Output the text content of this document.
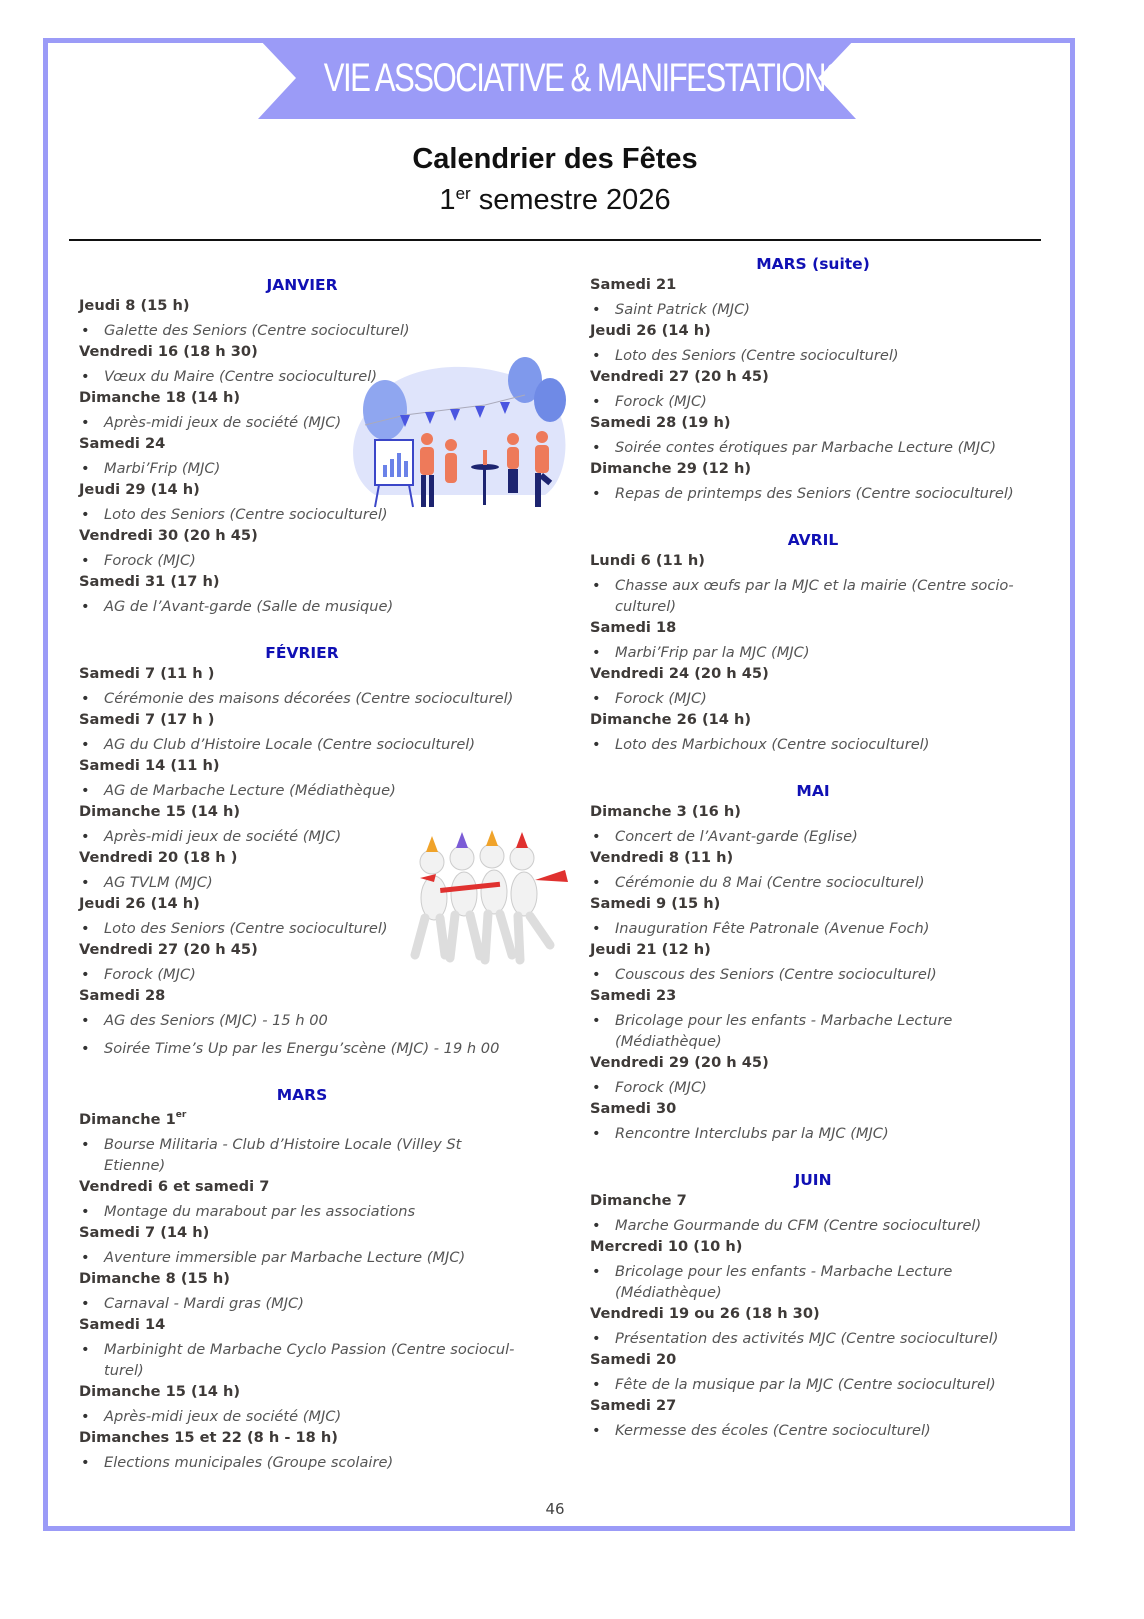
VIE ASSOCIATIVE & MANIFESTATIONS
Calendrier des Fêtes
1er semestre 2026
JANVIER
Jeudi 8 (15 h)
• Galette des Seniors (Centre socioculturel)
Vendredi 16 (18 h 30)
• Vœux du Maire (Centre socioculturel)
Dimanche 18 (14 h)
• Après-midi jeux de société (MJC)
Samedi 24
• Marbi’Frip (MJC)
Jeudi 29 (14 h)
• Loto des Seniors (Centre socioculturel)
Vendredi 30 (20 h 45)
• Forock (MJC)
Samedi 31 (17 h)
• AG de l’Avant-garde (Salle de musique)
FÉVRIER
Samedi 7 (11 h )
• Cérémonie des maisons décorées (Centre socioculturel)
Samedi 7 (17 h )
• AG du Club d’Histoire Locale (Centre socioculturel)
Samedi 14 (11 h)
• AG de Marbache Lecture (Médiathèque)
Dimanche 15 (14 h)
• Après-midi jeux de société (MJC)
Vendredi 20 (18 h )
• AG TVLM (MJC)
Jeudi 26 (14 h)
• Loto des Seniors (Centre socioculturel)
Vendredi 27 (20 h 45)
• Forock (MJC)
Samedi 28
• AG des Seniors (MJC) - 15 h 00
• Soirée Time’s Up par les Energu’scène (MJC) - 19 h 00
MARS
Dimanche 1er
• Bourse Militaria - Club d’Histoire Locale (Villey St
Etienne)
Vendredi 6 et samedi 7
• Montage du marabout par les associations
Samedi 7 (14 h)
• Aventure immersible par Marbache Lecture (MJC)
Dimanche 8 (15 h)
• Carnaval - Mardi gras (MJC)
Samedi 14
• Marbinight de Marbache Cyclo Passion (Centre sociocul-
turel)
Dimanche 15 (14 h)
• Après-midi jeux de société (MJC)
Dimanches 15 et 22 (8 h - 18 h)
• Elections municipales (Groupe scolaire)
MARS (suite)
Samedi 21
• Saint Patrick (MJC)
Jeudi 26 (14 h)
• Loto des Seniors (Centre socioculturel)
Vendredi 27 (20 h 45)
• Forock (MJC)
Samedi 28 (19 h)
• Soirée contes érotiques par Marbache Lecture (MJC)
Dimanche 29 (12 h)
• Repas de printemps des Seniors (Centre socioculturel)
AVRIL
Lundi 6 (11 h)
• Chasse aux œufs par la MJC et la mairie (Centre socio-
culturel)
Samedi 18
• Marbi’Frip par la MJC (MJC)
Vendredi 24 (20 h 45)
• Forock (MJC)
Dimanche 26 (14 h)
• Loto des Marbichoux (Centre socioculturel)
MAI
Dimanche 3 (16 h)
• Concert de l’Avant-garde (Eglise)
Vendredi 8 (11 h)
• Cérémonie du 8 Mai (Centre socioculturel)
Samedi 9 (15 h)
• Inauguration Fête Patronale (Avenue Foch)
Jeudi 21 (12 h)
• Couscous des Seniors (Centre socioculturel)
Samedi 23
• Bricolage pour les enfants - Marbache Lecture
(Médiathèque)
Vendredi 29 (20 h 45)
• Forock (MJC)
Samedi 30
• Rencontre Interclubs par la MJC (MJC)
JUIN
Dimanche 7
• Marche Gourmande du CFM (Centre socioculturel)
Mercredi 10 (10 h)
• Bricolage pour les enfants - Marbache Lecture
(Médiathèque)
Vendredi 19 ou 26 (18 h 30)
• Présentation des activités MJC (Centre socioculturel)
Samedi 20
• Fête de la musique par la MJC (Centre socioculturel)
Samedi 27
• Kermesse des écoles (Centre socioculturel)
46
